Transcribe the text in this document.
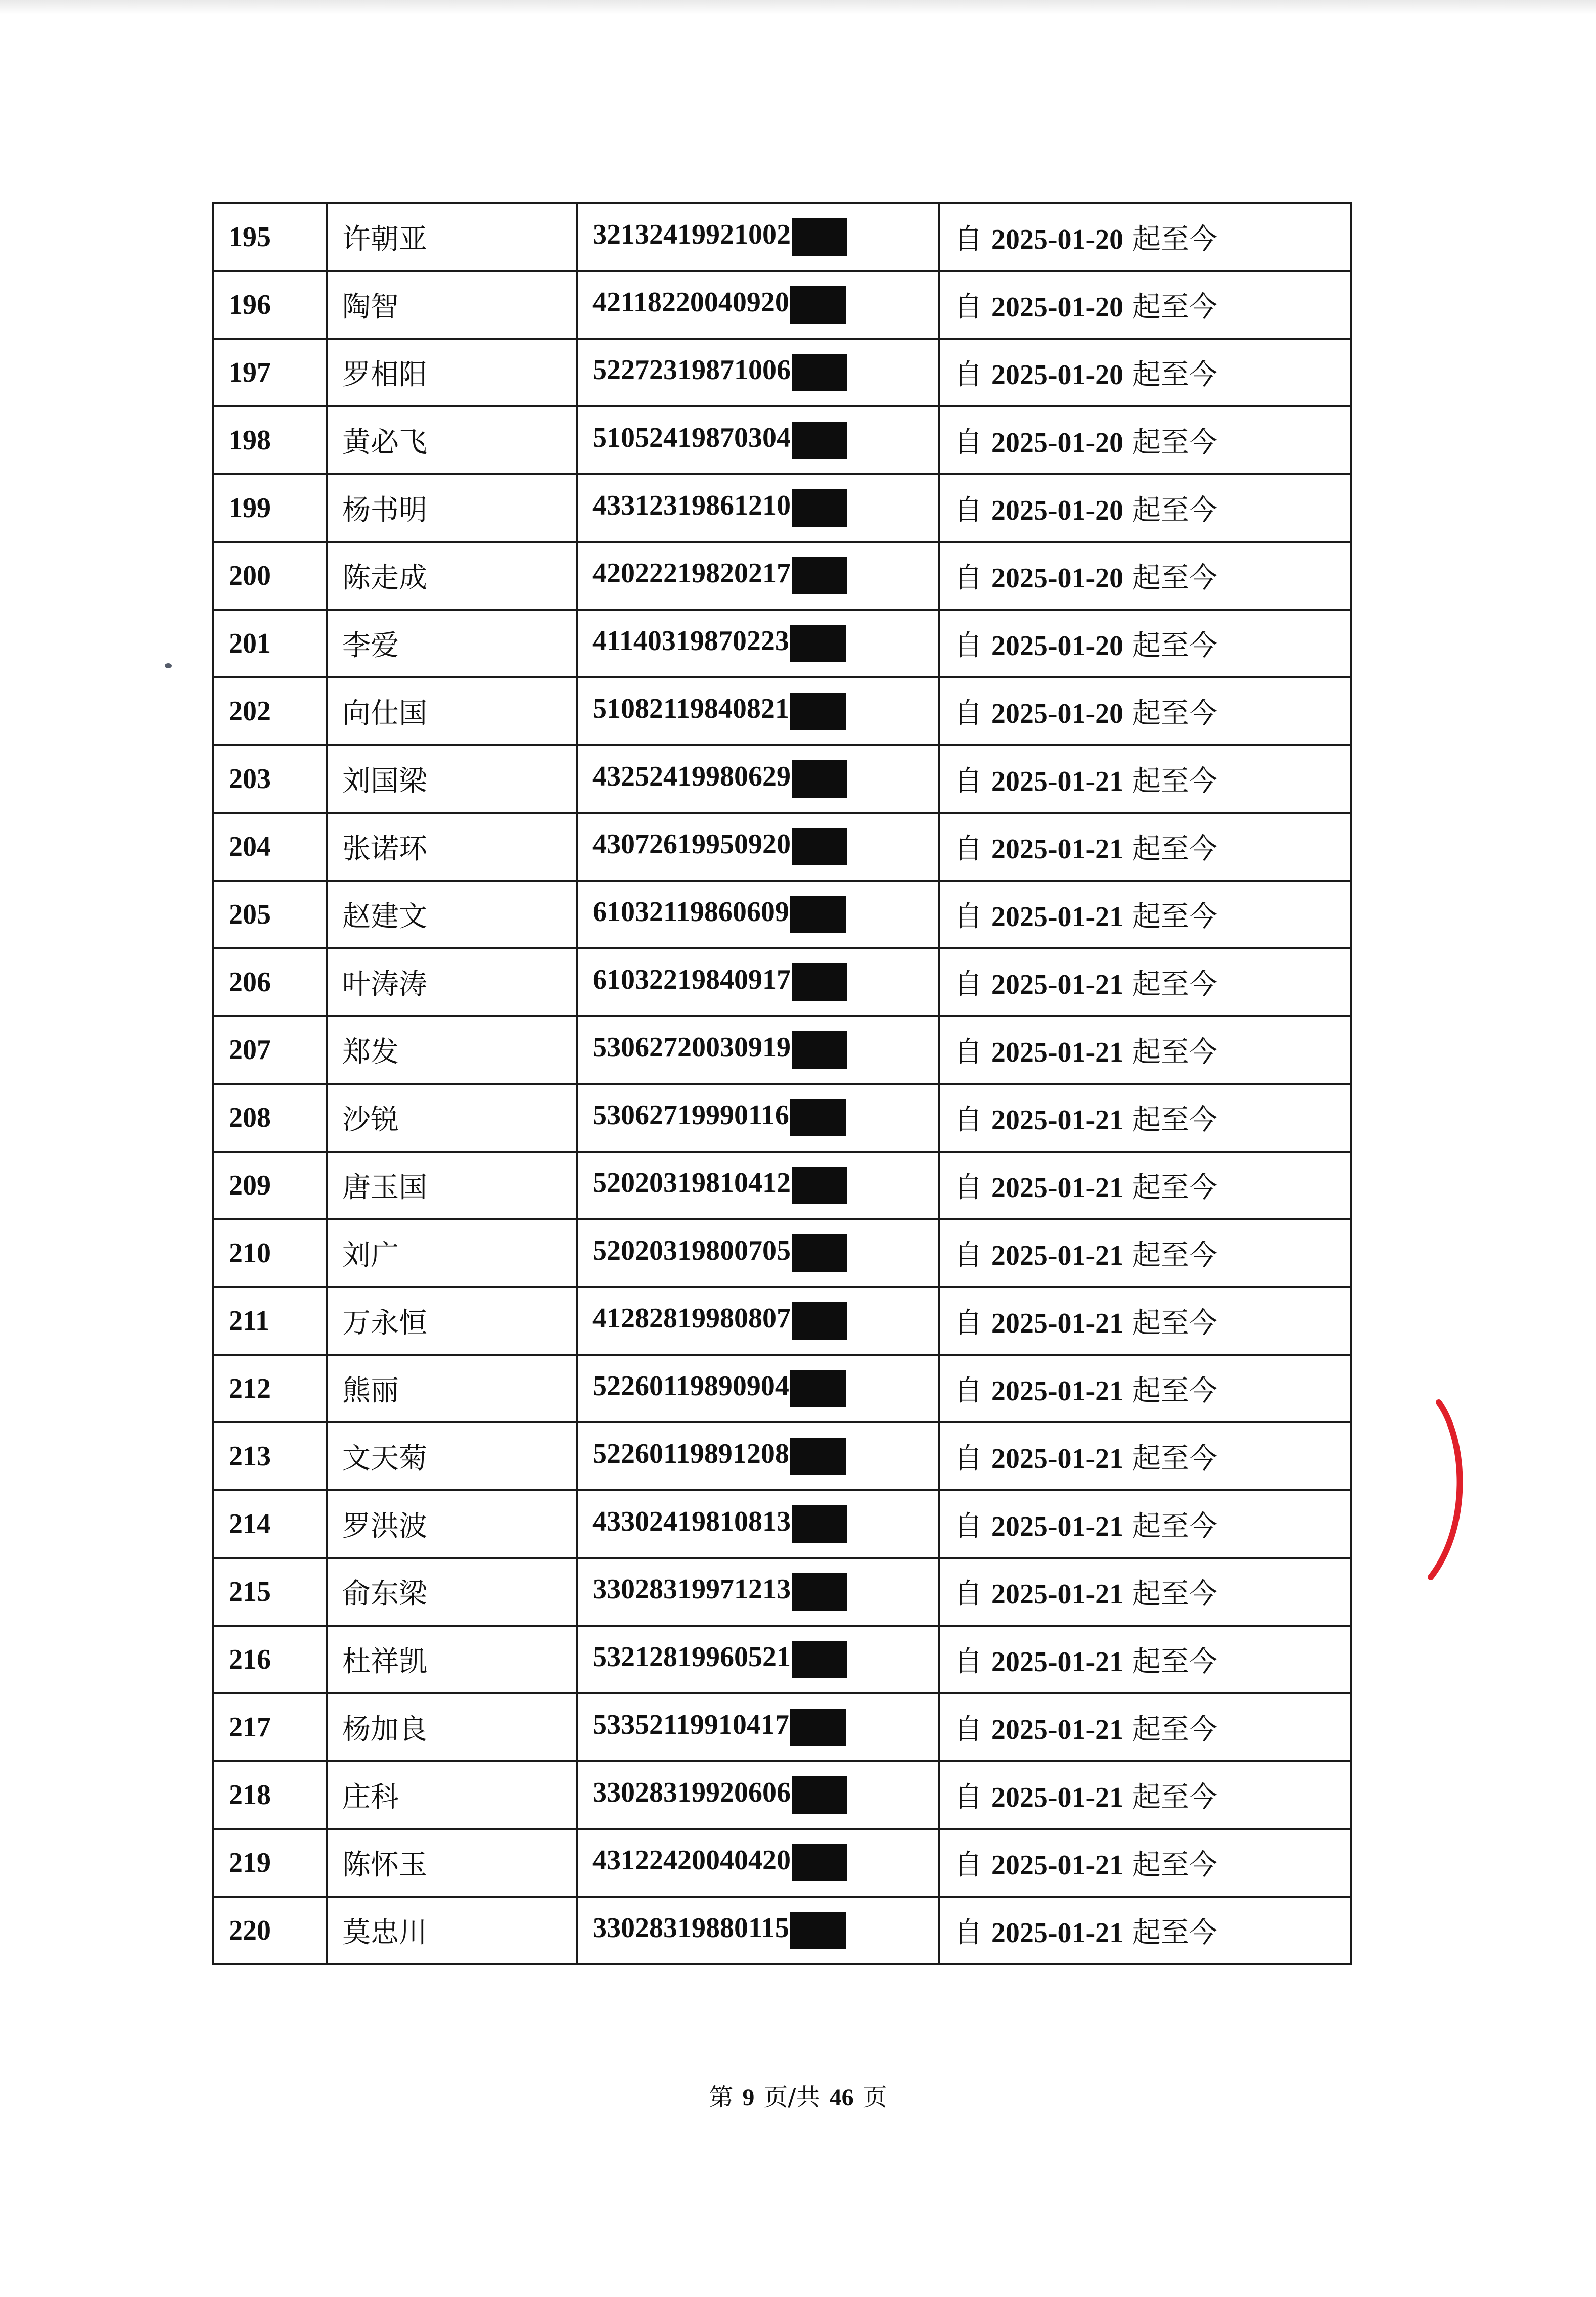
195	许朝亚	32132419921002	自 2025-01-20 起至今
196	陶智	42118220040920	自 2025-01-20 起至今
197	罗相阳	52272319871006	自 2025-01-20 起至今
198	黄必飞	51052419870304	自 2025-01-20 起至今
199	杨书明	43312319861210	自 2025-01-20 起至今
200	陈走成	42022219820217	自 2025-01-20 起至今
201	李爱	41140319870223	自 2025-01-20 起至今
202	向仕国	51082119840821	自 2025-01-20 起至今
203	刘国梁	43252419980629	自 2025-01-21 起至今
204	张诺环	43072619950920	自 2025-01-21 起至今
205	赵建文	61032119860609	自 2025-01-21 起至今
206	叶涛涛	61032219840917	自 2025-01-21 起至今
207	郑发	53062720030919	自 2025-01-21 起至今
208	沙锐	53062719990116	自 2025-01-21 起至今
209	唐玉国	52020319810412	自 2025-01-21 起至今
210	刘广	52020319800705	自 2025-01-21 起至今
211	万永恒	41282819980807	自 2025-01-21 起至今
212	熊丽	52260119890904	自 2025-01-21 起至今
213	文天菊	52260119891208	自 2025-01-21 起至今
214	罗洪波	43302419810813	自 2025-01-21 起至今
215	俞东梁	33028319971213	自 2025-01-21 起至今
216	杜祥凯	53212819960521	自 2025-01-21 起至今
217	杨加良	53352119910417	自 2025-01-21 起至今
218	庄科	33028319920606	自 2025-01-21 起至今
219	陈怀玉	43122420040420	自 2025-01-21 起至今
220	莫忠川	33028319880115	自 2025-01-21 起至今
第 9 页/共 46 页
